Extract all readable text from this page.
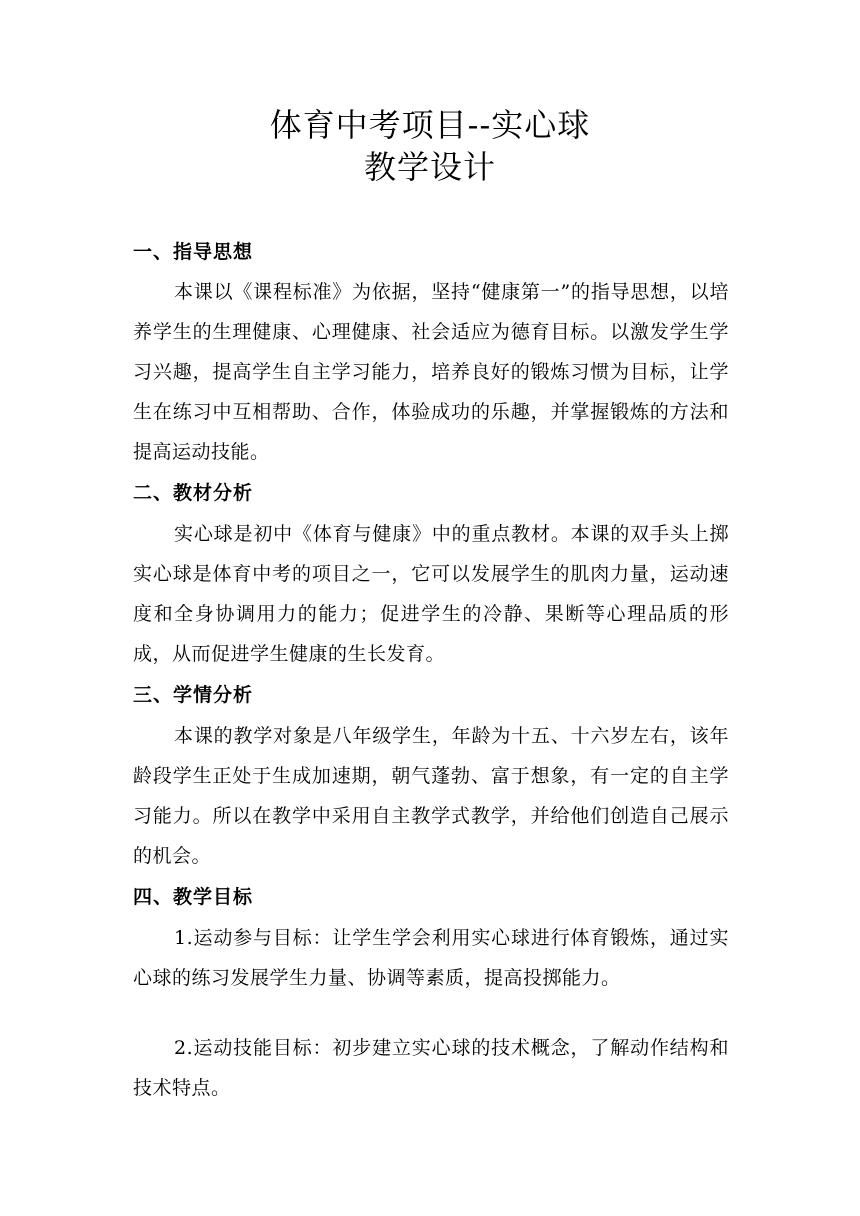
体育中考项目--实心球
教学设计
一、指导思想
本课以《课程标准》为依据，坚持“健康第一”的指导思想，以培养学生的生理健康、心理健康、社会适应为德育目标。以激发学生学习兴趣，提高学生自主学习能力，培养良好的锻炼习惯为目标，让学生在练习中互相帮助、合作，体验成功的乐趣，并掌握锻炼的方法和提高运动技能。
二、教材分析
实心球是初中《体育与健康》中的重点教材。本课的双手头上掷实心球是体育中考的项目之一，它可以发展学生的肌肉力量，运动速度和全身协调用力的能力；促进学生的冷静、果断等心理品质的形成，从而促进学生健康的生长发育。
三、学情分析
本课的教学对象是八年级学生，年龄为十五、十六岁左右，该年龄段学生正处于生成加速期，朝气蓬勃、富于想象，有一定的自主学习能力。所以在教学中采用自主教学式教学，并给他们创造自己展示的机会。
四、教学目标
1.运动参与目标：让学生学会利用实心球进行体育锻炼，通过实心球的练习发展学生力量、协调等素质，提高投掷能力。
2.运动技能目标：初步建立实心球的技术概念，了解动作结构和技术特点。
